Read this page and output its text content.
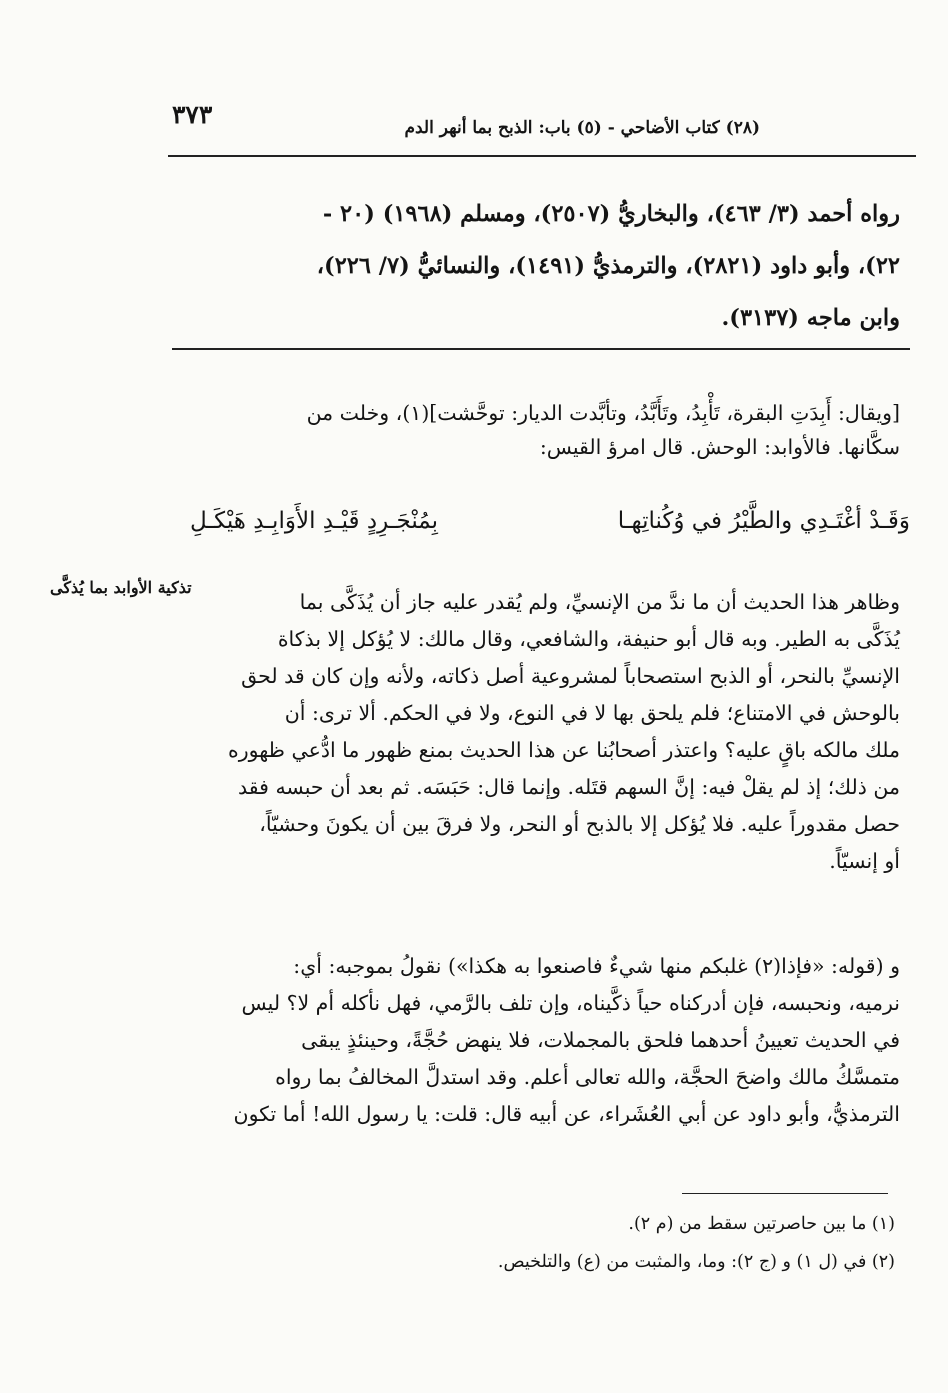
٣٧٣	(٢٨) كتاب الأضاحي - (٥) باب: الذبح بما أنهر الدم
رواه أحمد (٣/ ٤٦٣)، والبخاريُّ (٢٥٠٧)، ومسلم (١٩٦٨) (٢٠ -
٢٢)، وأبو داود (٢٨٢١)، والترمذيُّ (١٤٩١)، والنسائيُّ (٧/ ٢٢٦)،
وابن ماجه (٣١٣٧).
[ويقال: أَبِدَتِ البقرة، تَأْبِدُ، وتَأَبَّدُ، وتأبَّدت الديار: توحَّشت](١)، وخلت من
سكَّانها. فالأوابد: الوحش. قال امرؤ القيس:
وَقَـدْ أغْتَـدِي والطَّيْرُ في وُكُناتِهـا
بِمُنْجَـرِدٍ قَيْـدِ الأَوَابِـدِ هَيْكَـلِ
تذكية الأوابد بما يُذكَّى
وظاهر هذا الحديث أن ما ندَّ من الإنسيِّ، ولم يُقدر عليه جاز أن يُذَكَّى بما
يُذَكَّى به الطير. وبه قال أبو حنيفة، والشافعي، وقال مالك: لا يُؤكل إلا بذكاة
الإنسيِّ بالنحر، أو الذبح استصحاباً لمشروعية أصل ذكاته، ولأنه وإن كان قد لحق
بالوحش في الامتناع؛ فلم يلحق بها لا في النوع، ولا في الحكم. ألا ترى: أن
ملك مالكه باقٍ عليه؟ واعتذر أصحابُنا عن هذا الحديث بمنع ظهور ما ادُّعي ظهوره
من ذلك؛ إذ لم يقلْ فيه: إنَّ السهم قتَله. وإنما قال: حَبَسَه. ثم بعد أن حبسه فقد
حصل مقدوراً عليه. فلا يُؤكل إلا بالذبح أو النحر، ولا فرقَ بين أن يكونَ وحشيّاً،
أو إنسيّاً.
و (قوله: «فإذا(٢) غلبكم منها شيءٌ فاصنعوا به هكذا») نقولُ بموجبه: أي:
نرميه، ونحبسه، فإن أدركناه حياً ذكَّيناه، وإن تلف بالرَّمي، فهل نأكله أم لا؟ ليس
في الحديث تعيينُ أحدهما فلحق بالمجملات، فلا ينهض حُجَّةً، وحينئذٍ يبقى
متمسَّكُ مالك واضحَ الحجَّة، والله تعالى أعلم. وقد استدلَّ المخالفُ بما رواه
الترمذيُّ، وأبو داود عن أبي العُشَراء، عن أبيه قال: قلت: يا رسول الله! أما تكون
(١) ما بين حاصرتين سقط من (م ٢).
(٢) في (ل ١) و (ج ٢): وما، والمثبت من (ع) والتلخيص.
